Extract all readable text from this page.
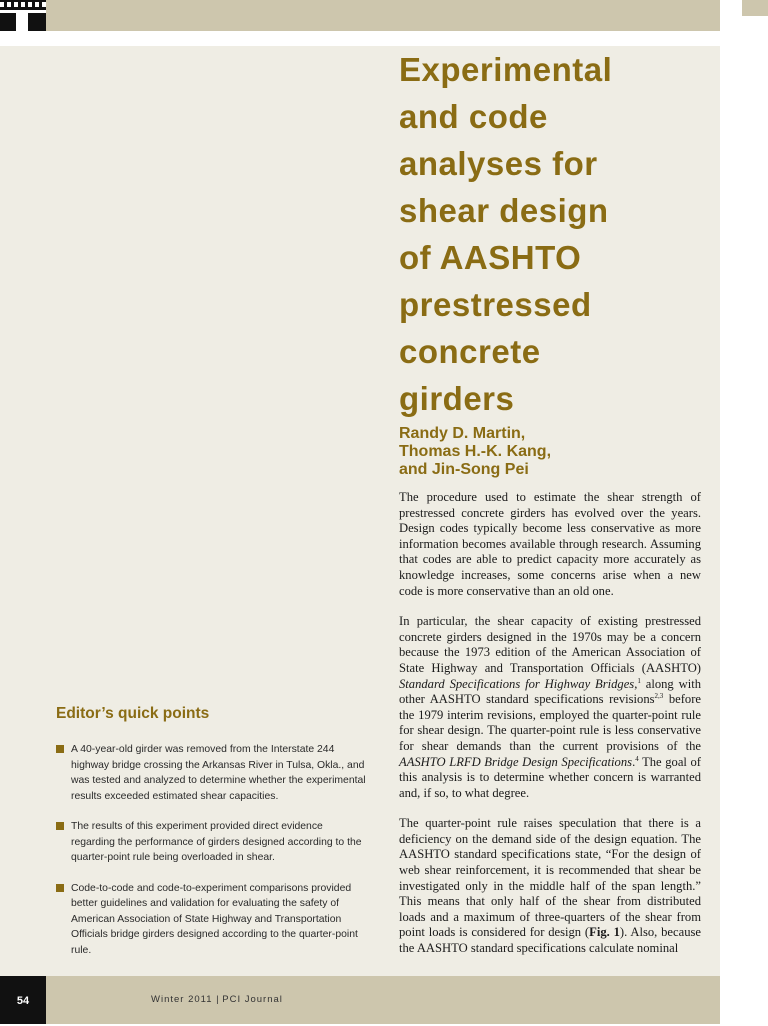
Experimental
and code
analyses for
shear design
of AASHTO
prestressed
concrete
girders
Randy D. Martin,
Thomas H.-K. Kang,
and Jin-Song Pei

The procedure used to estimate the shear strength of prestressed concrete girders has evolved over the years. Design codes typically become less conservative as more information becomes available through research. Assuming that codes are able to predict capacity more accurately as knowledge increases, some concerns arise when a new code is more conservative than an old one.

In particular, the shear capacity of existing prestressed concrete girders designed in the 1970s may be a concern because the 1973 edition of the American Association of State Highway and Transportation Officials (AASHTO) Standard Specifications for Highway Bridges,$^1$ along with other AASHTO standard specifications revisions$^{2,3}$ before the 1979 interim revisions, employed the quarter-point rule for shear design. The quarter-point rule is less conservative for shear demands than the current provisions of the AASHTO LRFD Bridge Design Specifications.$^4$ The goal of this analysis is to determine whether concern is warranted and, if so, to what degree.

The quarter-point rule raises speculation that there is a deficiency on the demand side of the design equation. The AASHTO standard specifications state, “For the design of web shear reinforcement, it is recommended that shear be investigated only in the middle half of the span length.” This means that only half of the shear from distributed loads and a maximum of three-quarters of the shear from point loads is considered for design (Fig. 1). Also, because the AASHTO standard specifications calculate nominal

Editor’s quick points
A 40-year-old girder was removed from the Interstate 244 highway bridge crossing the Arkansas River in Tulsa, Okla., and was tested and analyzed to determine whether the experimental results exceeded estimated shear capacities.
The results of this experiment provided direct evidence regarding the performance of girders designed according to the quarter-point rule being overloaded in shear.
Code-to-code and code-to-experiment comparisons provided better guidelines and validation for evaluating the safety of American Association of State Highway and Transportation Officials bridge girders designed according to the quarter-point rule.
54	Winter 2011 | PCI Journal
